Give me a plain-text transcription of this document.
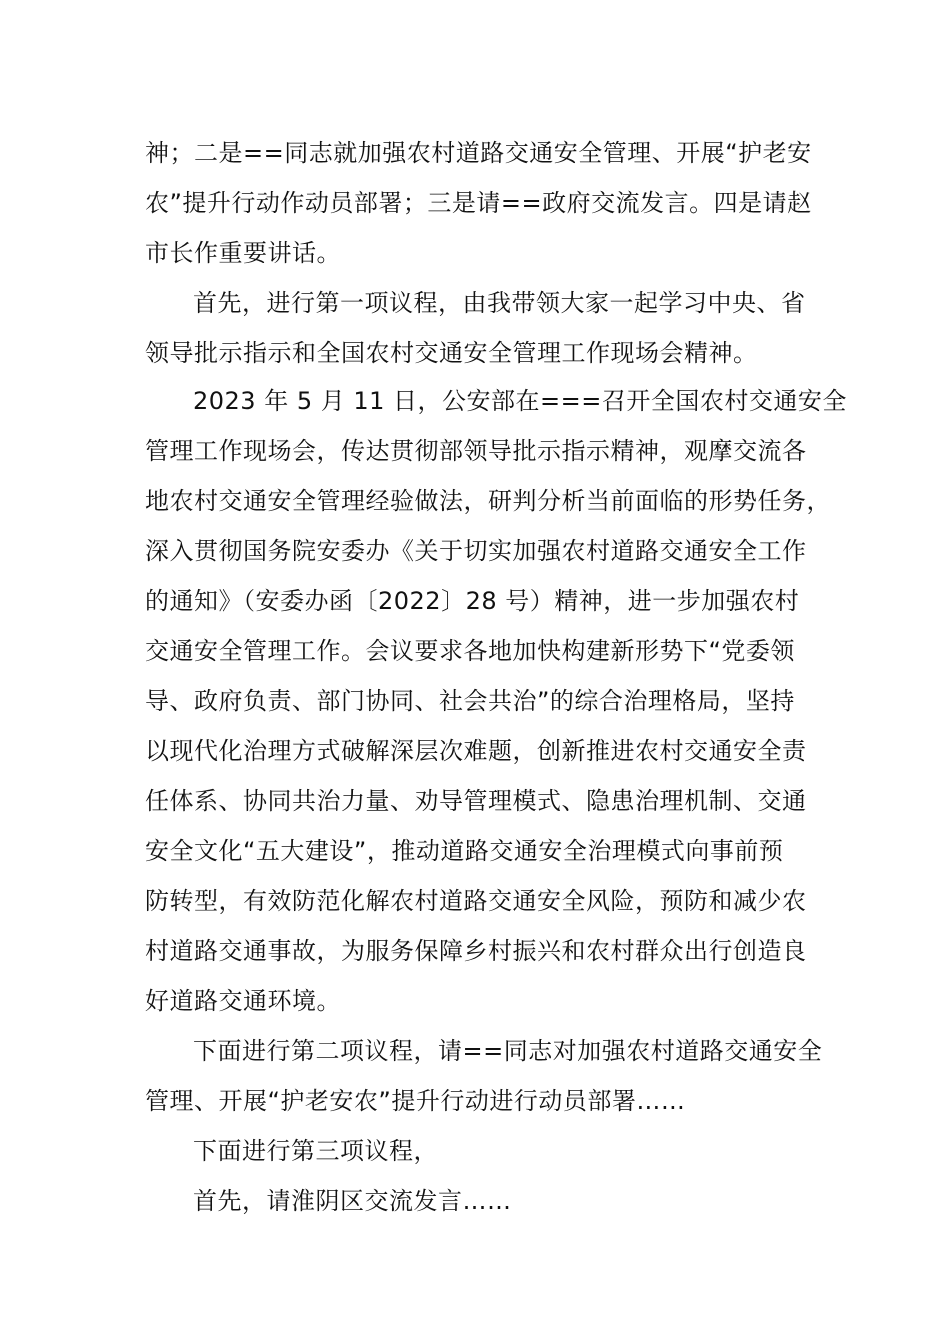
神；二是==同志就加强农村道路交通安全管理、开展“护老安
农”提升行动作动员部署；三是请==政府交流发言。四是请赵
市长作重要讲话。
首先，进行第一项议程，由我带领大家一起学习中央、省
领导批示指示和全国农村交通安全管理工作现场会精神。
2023 年 5 月 11 日，公安部在===召开全国农村交通安全
管理工作现场会，传达贯彻部领导批示指示精神，观摩交流各
地农村交通安全管理经验做法，研判分析当前面临的形势任务，
深入贯彻国务院安委办《关于切实加强农村道路交通安全工作
的通知》（安委办函〔2022〕28 号）精神，进一步加强农村
交通安全管理工作。会议要求各地加快构建新形势下“党委领
导、政府负责、部门协同、社会共治”的综合治理格局，坚持
以现代化治理方式破解深层次难题，创新推进农村交通安全责
任体系、协同共治力量、劝导管理模式、隐患治理机制、交通
安全文化“五大建设”，推动道路交通安全治理模式向事前预
防转型，有效防范化解农村道路交通安全风险，预防和减少农
村道路交通事故，为服务保障乡村振兴和农村群众出行创造良
好道路交通环境。
下面进行第二项议程，请==同志对加强农村道路交通安全
管理、开展“护老安农”提升行动进行动员部署……
下面进行第三项议程，
首先，请淮阴区交流发言……
